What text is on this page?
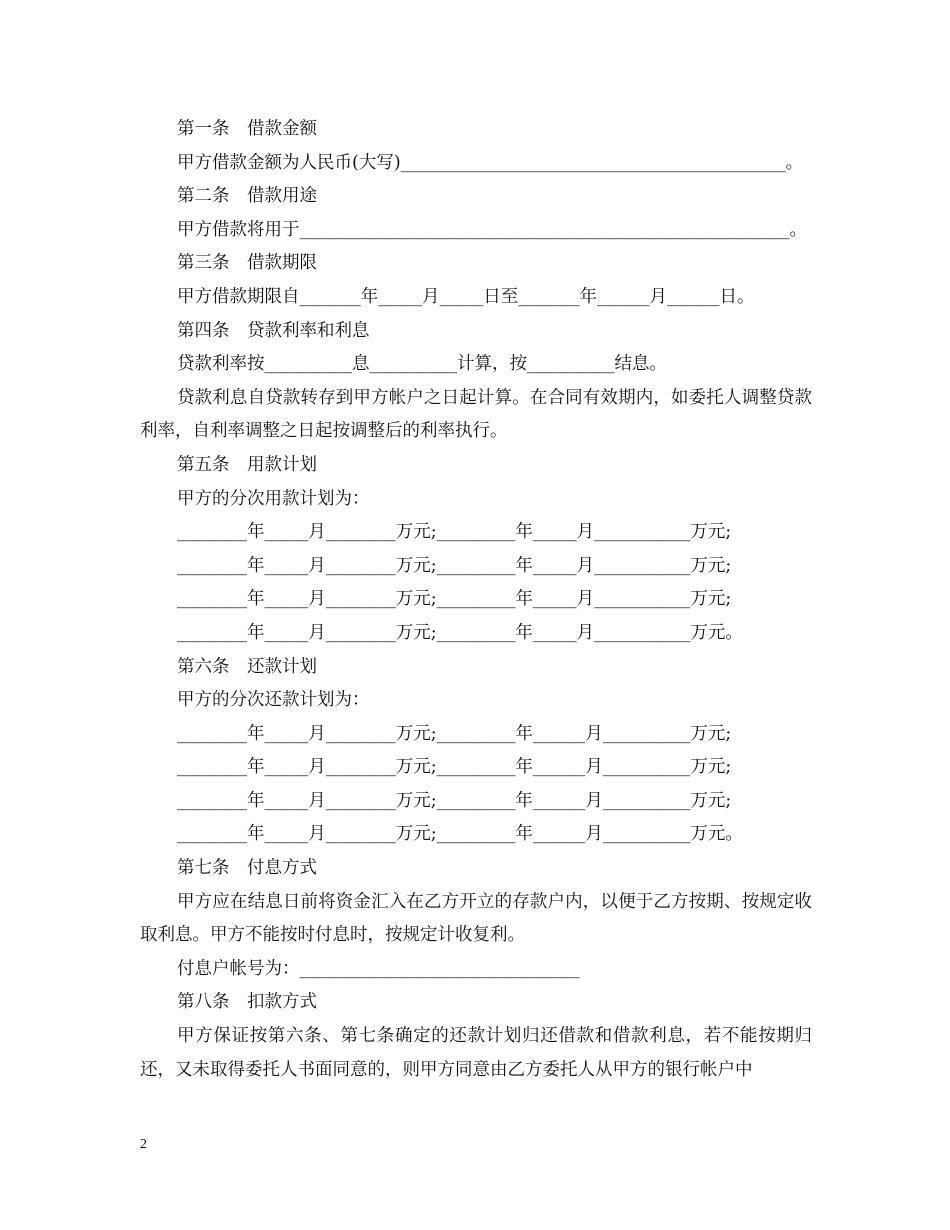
第一条　借款金额
甲方借款金额为人民币(大写)____________________________________________。
第二条　借款用途
甲方借款将用于________________________________________________________。
第三条　借款期限
甲方借款期限自_______年_____月_____日至_______年______月______日。
第四条　贷款利率和利息
贷款利率按__________息__________计算，按__________结息。
贷款利息自贷款转存到甲方帐户之日起计算。在合同有效期内，如委托人调整贷款利率，自利率调整之日起按调整后的利率执行。
第五条　用款计划
甲方的分次用款计划为：
________年_____月________万元;_________年_____月___________万元;
________年_____月________万元;_________年_____月___________万元;
________年_____月________万元;_________年_____月___________万元;
________年_____月________万元;_________年_____月___________万元。
第六条　还款计划
甲方的分次还款计划为：
________年_____月________万元;_________年______月__________万元;
________年_____月________万元;_________年______月__________万元;
________年_____月________万元;_________年______月__________万元;
________年_____月________万元;_________年______月__________万元。
第七条　付息方式
甲方应在结息日前将资金汇入在乙方开立的存款户内，以便于乙方按期、按规定收取利息。甲方不能按时付息时，按规定计收复利。
付息户帐号为：________________________________
第八条　扣款方式
甲方保证按第六条、第七条确定的还款计划归还借款和借款利息，若不能按期归还，又未取得委托人书面同意的，则甲方同意由乙方委托人从甲方的银行帐户中
2
